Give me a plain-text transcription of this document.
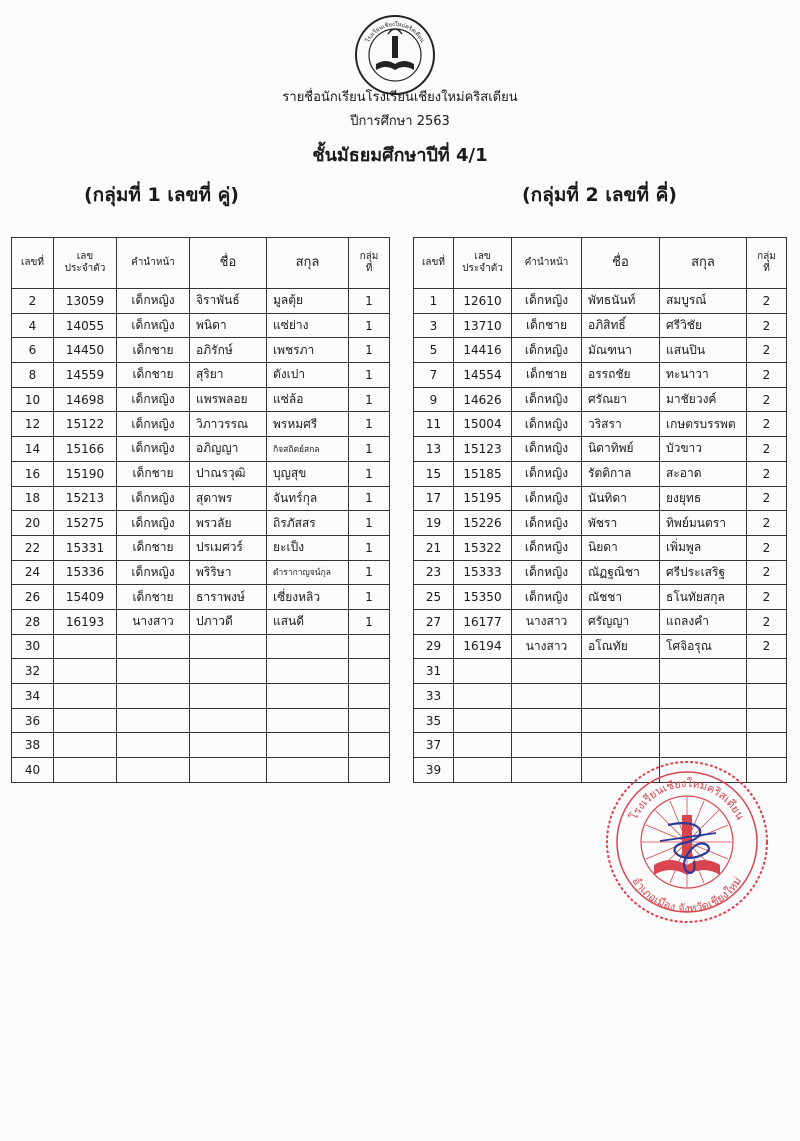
โรงเรียนเชียงใหม่คริสเตียน
รายชื่อนักเรียนโรงเรียนเชียงใหม่คริสเตียน
ปีการศึกษา 2563
ชั้นมัธยมศึกษาปีที่ 4/1
(กลุ่มที่ 1 เลขที่ คู่)	(กลุ่มที่ 2 เลขที่ คี่)
เลขที่	เลข
ประจำตัว	คำนำหน้า	ชื่อ	สกุล	กลุ่ม
ที่
2	13059	เด็กหญิง	จิราพันธ์	มูลตุ้ย	1
4	14055	เด็กหญิง	พนิดา	แซ่ย่าง	1
6	14450	เด็กชาย	อภิรักษ์	เพชรภา	1
8	14559	เด็กชาย	สุริยา	ตังเปา	1
10	14698	เด็กหญิง	แพรพลอย	แซ่ล้อ	1
12	15122	เด็กหญิง	วิภาวรรณ	พรหมศรี	1
14	15166	เด็กหญิง	อภิญญา	กิจสถิตย์สกล	1
16	15190	เด็กชาย	ปาณรวุฒิ	บุญสุข	1
18	15213	เด็กหญิง	สุดาพร	จันทร์กุล	1
20	15275	เด็กหญิง	พรวลัย	ถิรภัสสร	1
22	15331	เด็กชาย	ปรเมศวร์	ยะเป็ง	1
24	15336	เด็กหญิง	พริริษา	ดำรากาญจน์กุล	1
26	15409	เด็กชาย	ธาราพงษ์	เซี่ยงหลิว	1
28	16193	นางสาว	ปภาวดี	แสนดี	1
30					
32					
34					
36					
38					
40					
เลขที่	เลข
ประจำตัว	คำนำหน้า	ชื่อ	สกุล	กลุ่ม
ที่
1	12610	เด็กหญิง	พัทธนันท์	สมบูรณ์	2
3	13710	เด็กชาย	อภิสิทธิ์	ศรีวิชัย	2
5	14416	เด็กหญิง	มัณฑนา	แสนปิน	2
7	14554	เด็กชาย	อรรถชัย	ทะนาวา	2
9	14626	เด็กหญิง	ศรัณยา	มาชัยวงค์	2
11	15004	เด็กหญิง	วริสรา	เกษตรบรรพต	2
13	15123	เด็กหญิง	นิดาทิพย์	บัวขาว	2
15	15185	เด็กหญิง	รัตติกาล	สะอาด	2
17	15195	เด็กหญิง	นันทิดา	ยงยุทธ	2
19	15226	เด็กหญิง	พัชรา	ทิพย์มนตรา	2
21	15322	เด็กหญิง	นิยดา	เพิ่มพูล	2
23	15333	เด็กหญิง	ณัฏฐณิชา	ศรีประเสริฐ	2
25	15350	เด็กหญิง	ณัชชา	ธโนทัยสกุล	2
27	16177	นางสาว	ศรัญญา	แถลงคำ	2
29	16194	นางสาว	อโณทัย	โศจิอรุณ	2
31					
33					
35					
37					
39					
โรงเรียนเชียงใหม่คริสเตียน
อำเภอเมือง จังหวัดเชียงใหม่
